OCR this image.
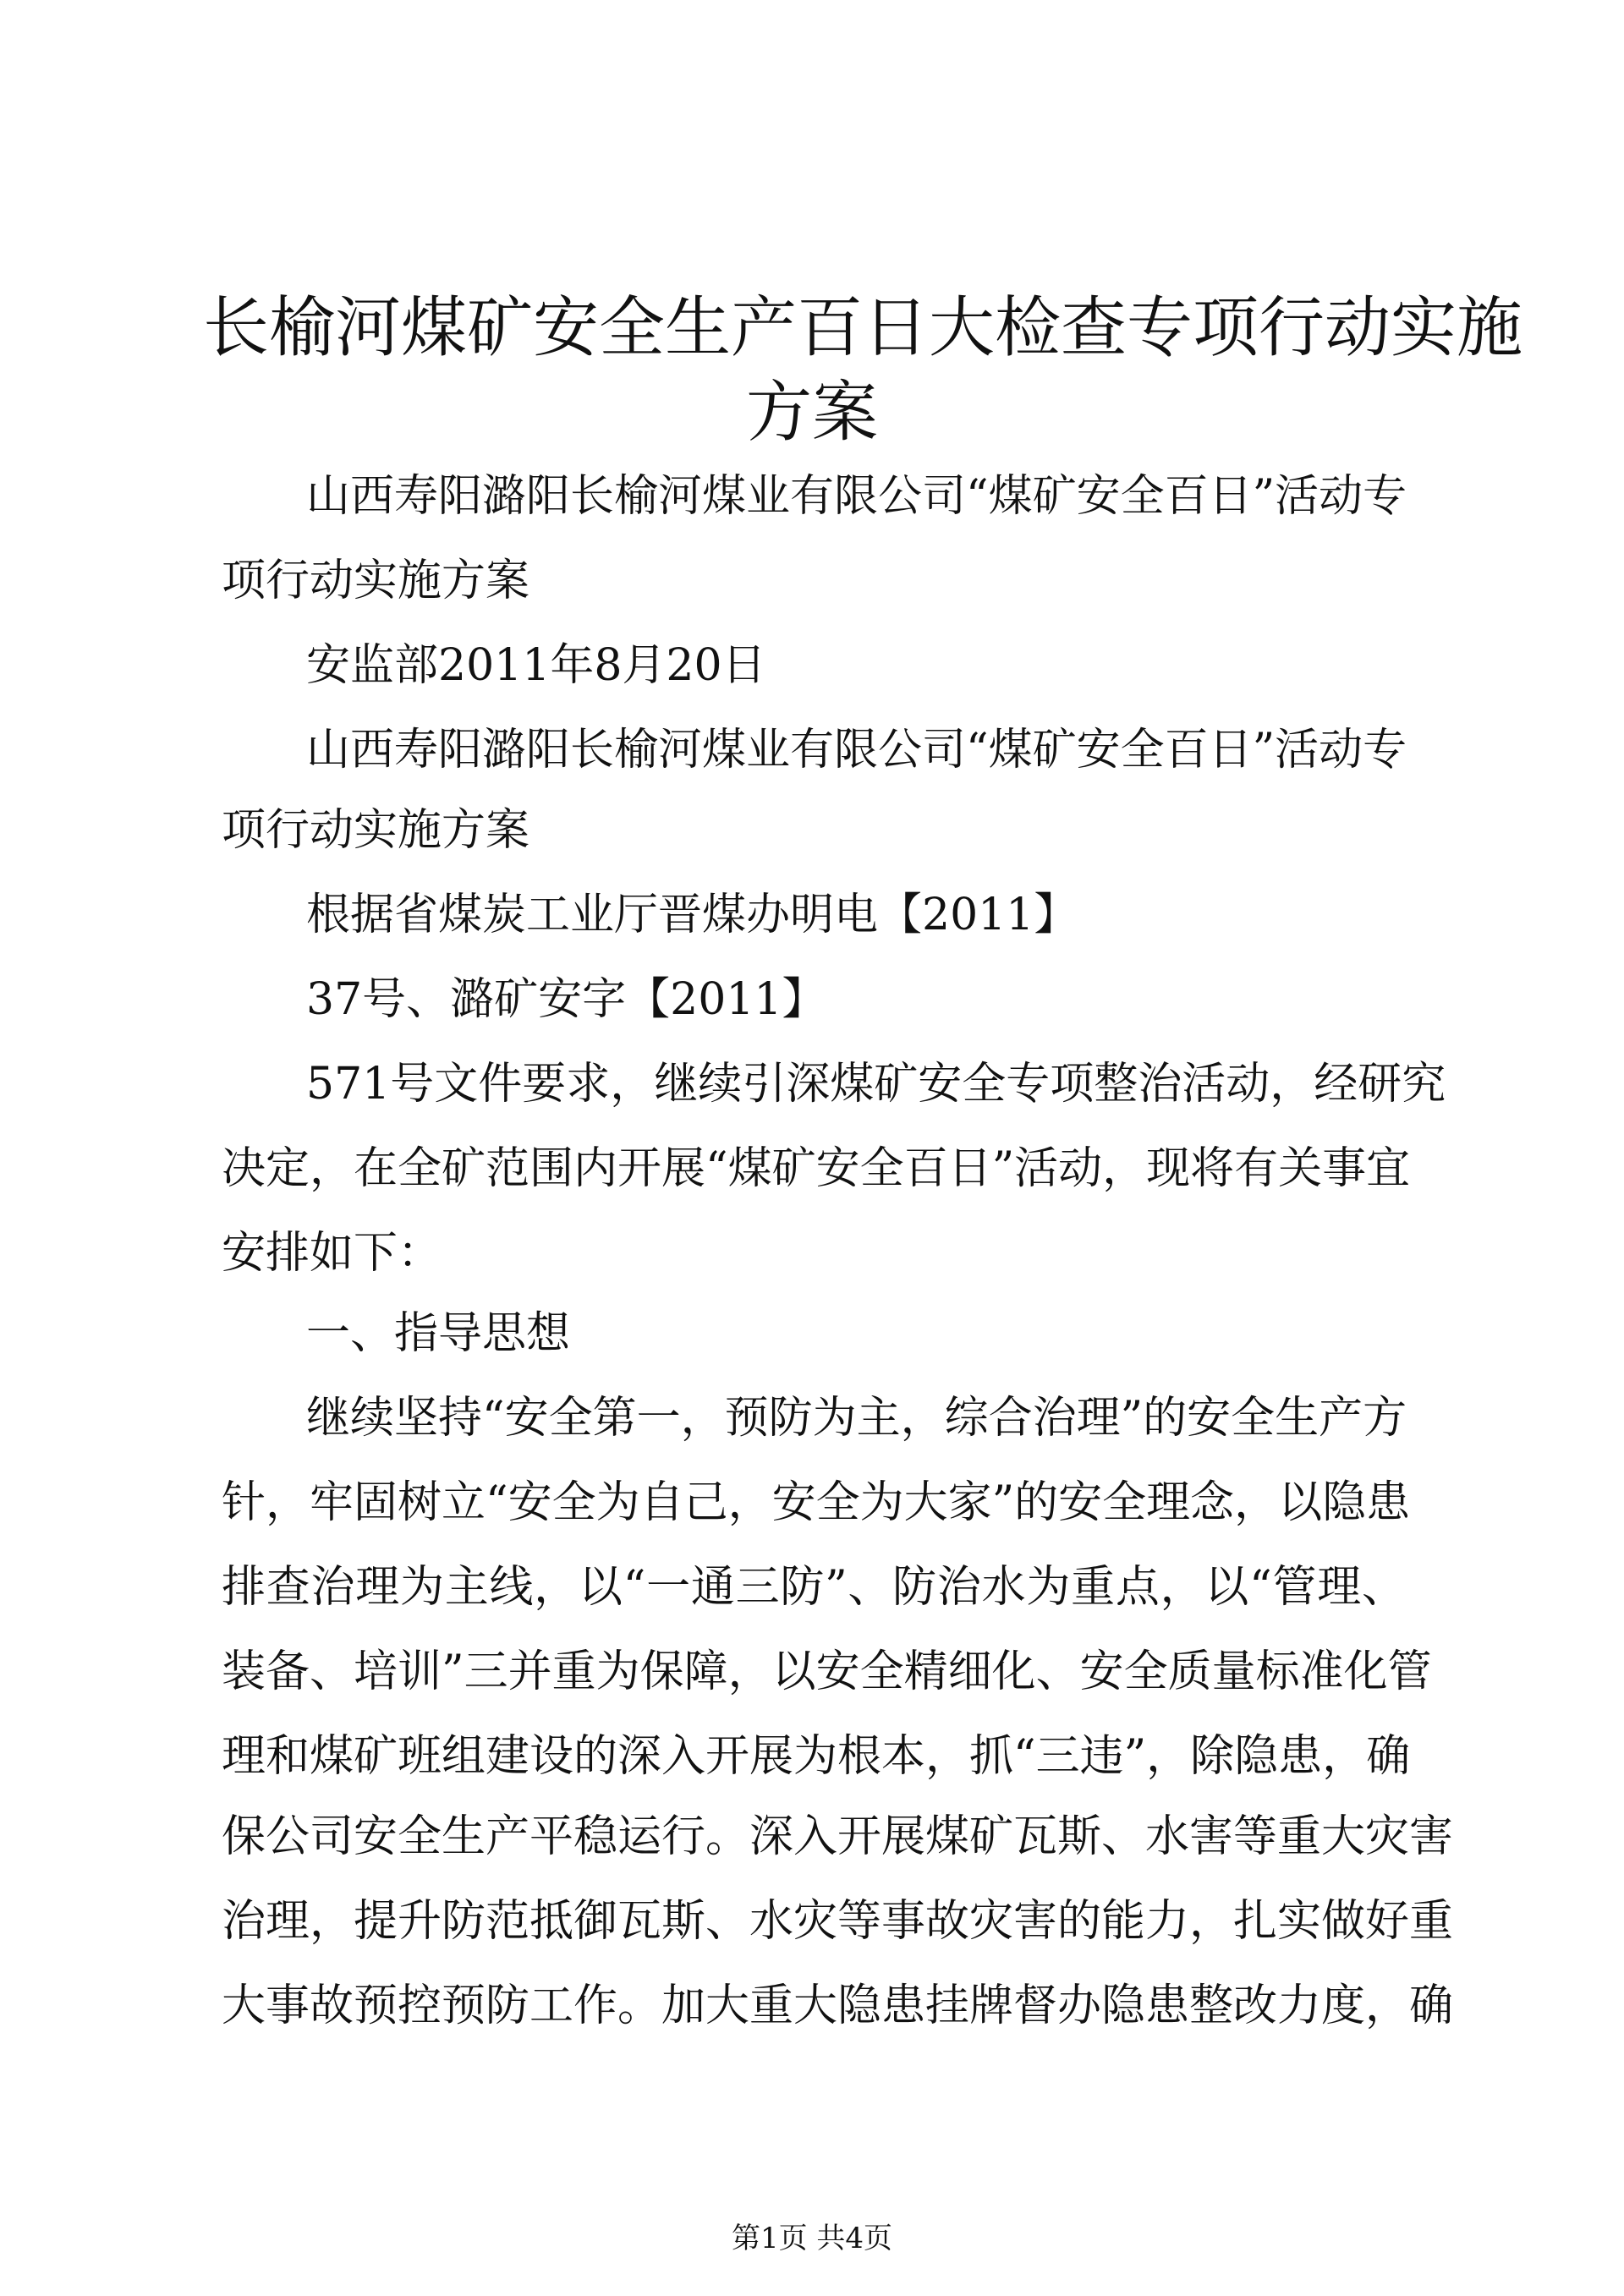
长榆河煤矿安全生产百日大检查专项行动实施
方案

山西寿阳潞阳长榆河煤业有限公司“煤矿安全百日”活动专

项行动实施方案

安监部2011年8月20日

山西寿阳潞阳长榆河煤业有限公司“煤矿安全百日”活动专

项行动实施方案

根据省煤炭工业厅晋煤办明电【2011】

37号、潞矿安字【2011】

571号文件要求，继续引深煤矿安全专项整治活动，经研究

决定，在全矿范围内开展“煤矿安全百日”活动，现将有关事宜

安排如下：

一、指导思想

继续坚持“安全第一，预防为主，综合治理”的安全生产方

针，牢固树立“安全为自己，安全为大家”的安全理念，以隐患

排查治理为主线，以“一通三防”、防治水为重点，以“管理、

装备、培训”三并重为保障，以安全精细化、安全质量标准化管

理和煤矿班组建设的深入开展为根本，抓“三违”，除隐患，确

保公司安全生产平稳运行。深入开展煤矿瓦斯、水害等重大灾害

治理，提升防范抵御瓦斯、水灾等事故灾害的能力，扎实做好重

大事故预控预防工作。加大重大隐患挂牌督办隐患整改力度，确

第1页 共4页
